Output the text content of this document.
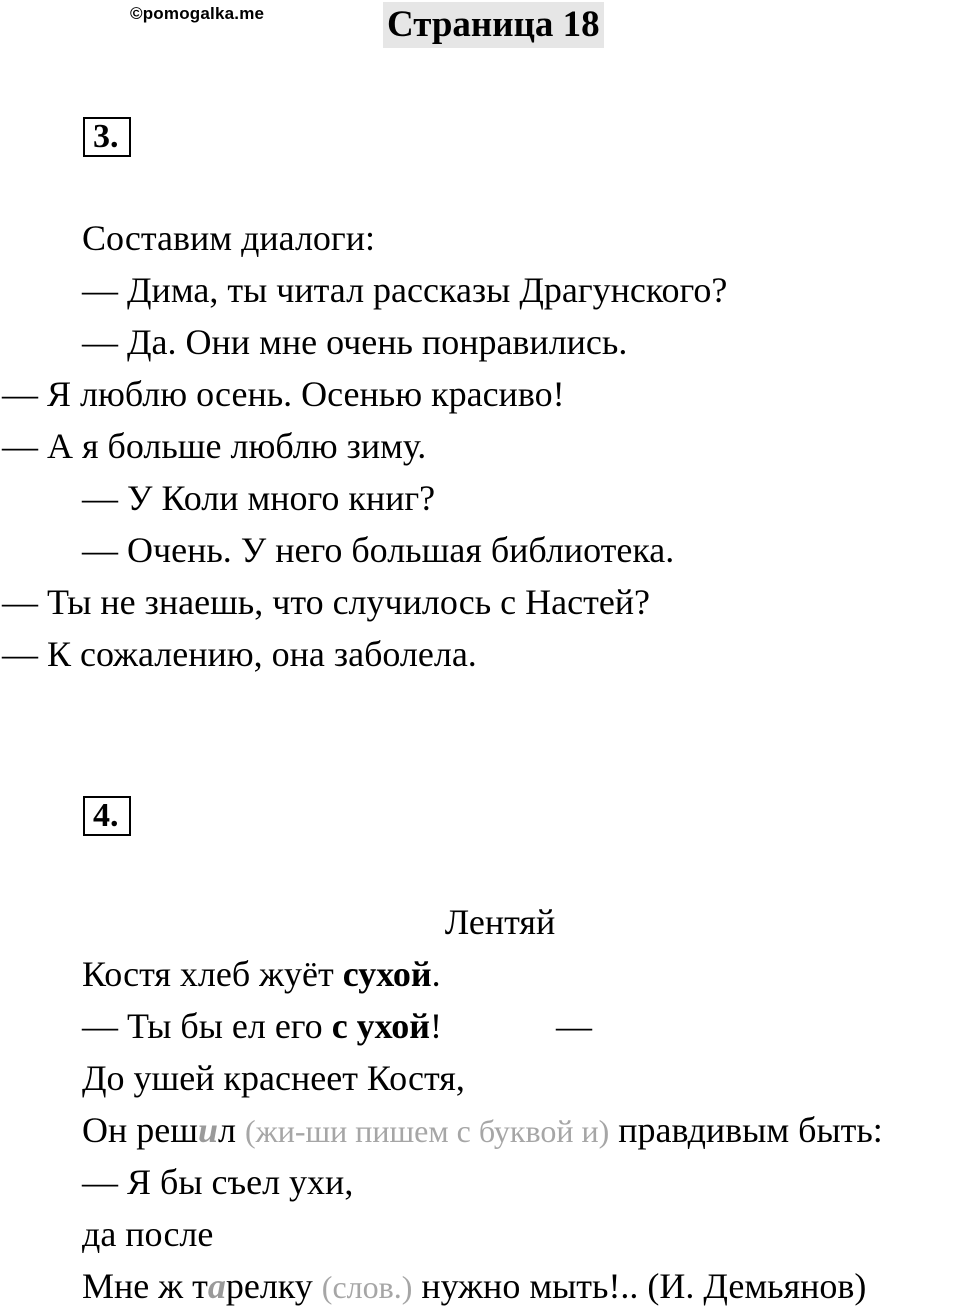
©pomogalka.me	Страница 18
3.
Составим диалоги:
— Дима, ты читал рассказы Драгунского?
— Да. Они мне очень понравились.
— Я люблю осень. Осенью красиво!
— А я больше люблю зиму.
— У Коли много книг?
— Очень. У него большая библиотека.
— Ты не знаешь, что случилось с Настей?
— К сожалению, она заболела.
4.
Лентяй
Костя хлеб жуёт сухой.
— Ты бы ел его с ухой!	—
До ушей краснеет Костя,
Он решил (жи-ши пишем с буквой и) правдивым быть:
— Я бы съел ухи,
да после
Мне ж тарелку (слов.) нужно мыть!.. (И. Демьянов)
